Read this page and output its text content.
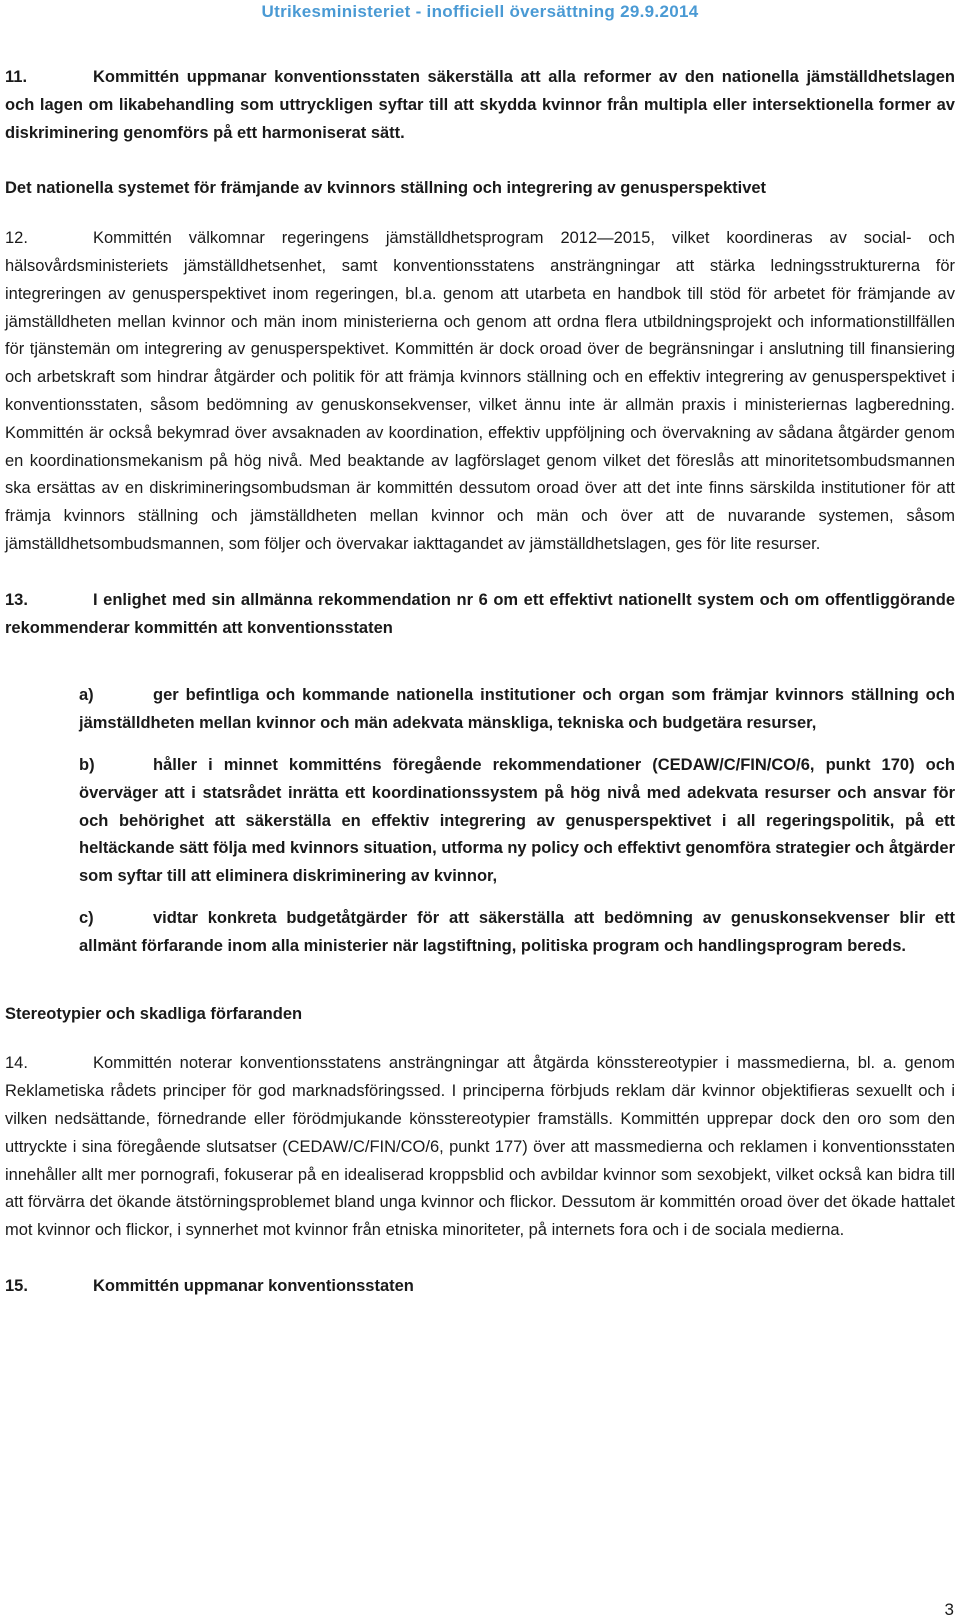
Utrikesministeriet - inofficiell översättning 29.9.2014

11.	Kommittén uppmanar konventionsstaten säkerställa att alla reformer av den nationella jämställdhetslagen och lagen om likabehandling som uttryckligen syftar till att skydda kvinnor från multipla eller intersektionella former av diskriminering genomförs på ett harmoniserat sätt.

Det nationella systemet för främjande av kvinnors ställning och integrering av genusperspektivet

12.	Kommittén välkomnar regeringens jämställdhetsprogram 2012—2015, vilket koordineras av social- och hälsovårdsministeriets jämställdhetsenhet, samt konventionsstatens ansträngningar att stärka ledningsstrukturerna för integreringen av genusperspektivet inom regeringen, bl.a. genom att utarbeta en handbok till stöd för arbetet för främjande av jämställdheten mellan kvinnor och män inom ministerierna och genom att ordna flera utbildningsprojekt och informationstillfällen för tjänstemän om integrering av genusperspektivet. Kommittén är dock oroad över de begränsningar i anslutning till finansiering och arbetskraft som hindrar åtgärder och politik för att främja kvinnors ställning och en effektiv integrering av genusperspektivet i konventionsstaten, såsom bedömning av genuskonsekvenser, vilket ännu inte är allmän praxis i ministeriernas lagberedning. Kommittén är också bekymrad över avsaknaden av koordination, effektiv uppföljning och övervakning av sådana åtgärder genom en koordinationsmekanism på hög nivå. Med beaktande av lagförslaget genom vilket det föreslås att minoritetsombudsmannen ska ersättas av en diskrimineringsombudsman är kommittén dessutom oroad över att det inte finns särskilda institutioner för att främja kvinnors ställning och jämställdheten mellan kvinnor och män och över att de nuvarande systemen, såsom jämställdhetsombudsmannen, som följer och övervakar iakttagandet av jämställdhetslagen, ges för lite resurser.

13.	I enlighet med sin allmänna rekommendation nr 6 om ett effektivt nationellt system och om offentliggörande rekommenderar kommittén att konventionsstaten

a)	ger befintliga och kommande nationella institutioner och organ som främjar kvinnors ställning och jämställdheten mellan kvinnor och män adekvata mänskliga, tekniska och budgetära resurser,

b)	håller i minnet kommitténs föregående rekommendationer (CEDAW/C/FIN/CO/6, punkt 170) och överväger att i statsrådet inrätta ett koordinationssystem på hög nivå med adekvata resurser och ansvar för och behörighet att säkerställa en effektiv integrering av genusperspektivet i all regeringspolitik, på ett heltäckande sätt följa med kvinnors situation, utforma ny policy och effektivt genomföra strategier och åtgärder som syftar till att eliminera diskriminering av kvinnor,

c)	vidtar konkreta budgetåtgärder för att säkerställa att bedömning av genuskonsekvenser blir ett allmänt förfarande inom alla ministerier när lagstiftning, politiska program och handlingsprogram bereds.

Stereotypier och skadliga förfaranden

14.	Kommittén noterar konventionsstatens ansträngningar att åtgärda könsstereotypier i massmedierna, bl. a. genom Reklametiska rådets principer för god marknadsföringssed. I principerna förbjuds reklam där kvinnor objektifieras sexuellt och i vilken nedsättande, förnedrande eller förödmjukande könsstereotypier framställs. Kommittén upprepar dock den oro som den uttryckte i sina föregående slutsatser (CEDAW/C/FIN/CO/6, punkt 177) över att massmedierna och reklamen i konventionsstaten innehåller allt mer pornografi, fokuserar på en idealiserad kroppsblid och avbildar kvinnor som sexobjekt, vilket också kan bidra till att förvärra det ökande ätstörningsproblemet bland unga kvinnor och flickor. Dessutom är kommittén oroad över det ökade hattalet mot kvinnor och flickor, i synnerhet mot kvinnor från etniska minoriteter, på internets fora och i de sociala medierna.

15.	Kommittén uppmanar konventionsstaten

3
